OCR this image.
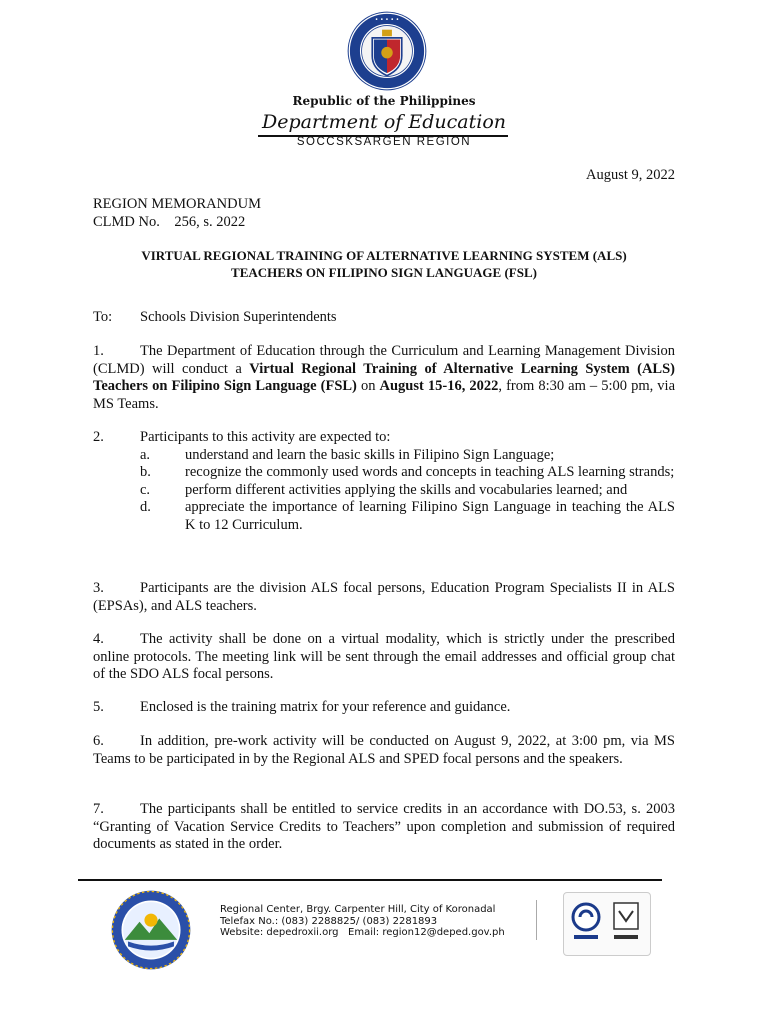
• • • • •
Republic of the Philippines
Department of Education
SOCCSKSARGEN REGION
August 9, 2022
REGION MEMORANDUM
CLMD No.    256, s. 2022
VIRTUAL REGIONAL TRAINING OF ALTERNATIVE LEARNING SYSTEM (ALS)
TEACHERS ON FILIPINO SIGN LANGUAGE (FSL)
To: Schools Division Superintendents
1. The Department of Education through the Curriculum and Learning Management Division (CLMD) will conduct a Virtual Regional Training of Alternative Learning System (ALS) Teachers on Filipino Sign Language (FSL) on August 15-16, 2022, from 8:30 am – 5:00 pm, via MS Teams.
2. Participants to this activity are expected to:
a. understand and learn the basic skills in Filipino Sign Language;
b. recognize the commonly used words and concepts in teaching ALS learning strands;
c. perform different activities applying the skills and vocabularies learned; and
d. appreciate the importance of learning Filipino Sign Language in teaching the ALS K to 12 Curriculum.
3. Participants are the division ALS focal persons, Education Program Specialists II in ALS (EPSAs), and ALS teachers.
4. The activity shall be done on a virtual modality, which is strictly under the prescribed online protocols. The meeting link will be sent through the email addresses and official group chat of the SDO ALS focal persons.
5. Enclosed is the training matrix for your reference and guidance.
6. In addition, pre-work activity will be conducted on August 9, 2022, at 3:00 pm, via MS Teams to be participated in by the Regional ALS and SPED focal persons and the speakers.
7. The participants shall be entitled to service credits in an accordance with DO.53, s. 2003 “Granting of Vacation Service Credits to Teachers” upon completion and submission of required documents as stated in the order.
Regional Center, Brgy. Carpenter Hill, City of Koronadal
Telefax No.: (083) 2288825/ (083) 2281893
Website: depedroxii.org   Email: region12@deped.gov.ph
